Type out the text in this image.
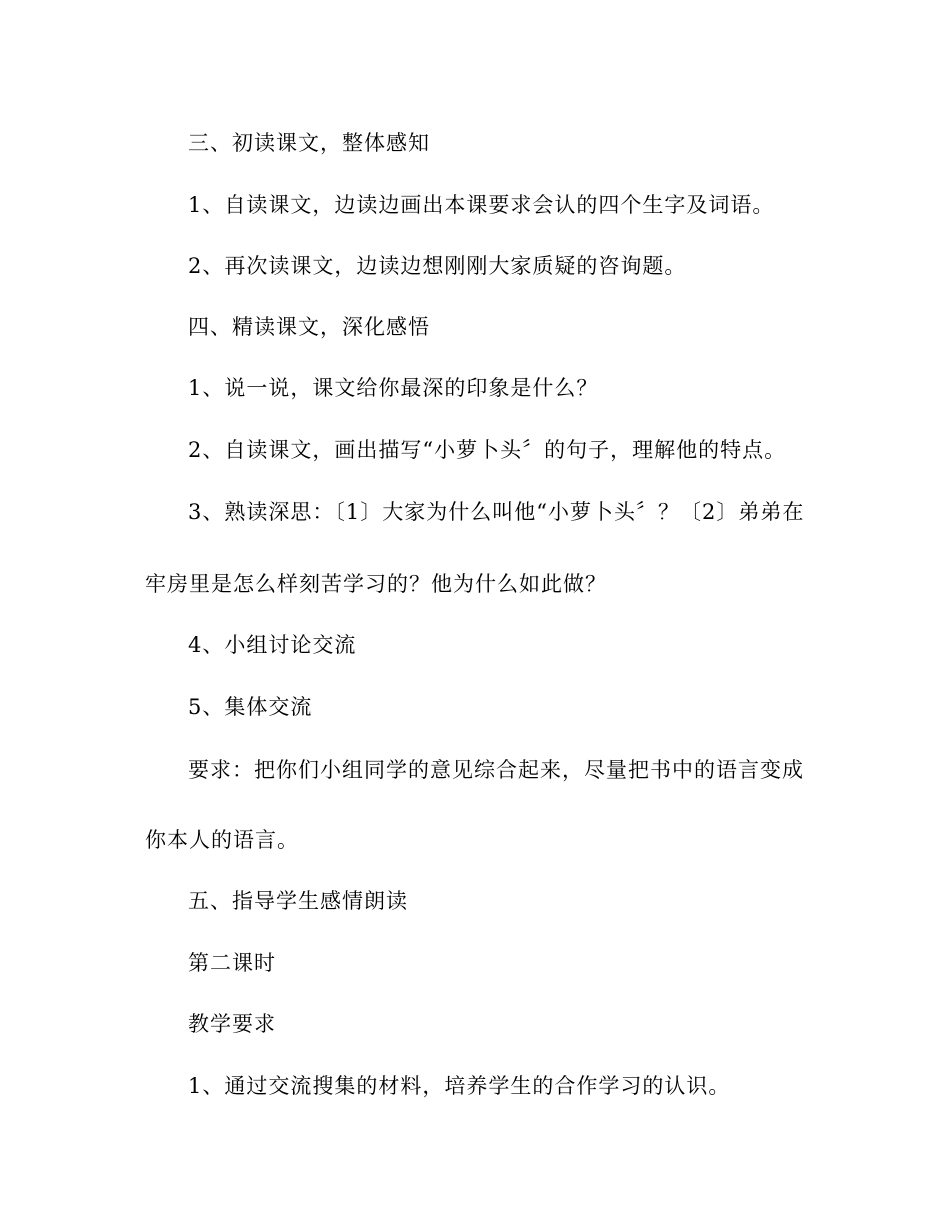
三、初读课文，整体感知
1、自读课文，边读边画出本课要求会认的四个生字及词语。
2、再次读课文，边读边想刚刚大家质疑的咨询题。
四、精读课文，深化感悟
1、说一说，课文给你最深的印象是什么？
2、自读课文，画出描写“小萝卜头〞的句子，理解他的特点。
3、熟读深思：〔1〕大家为什么叫他“小萝卜头〞？〔2〕弟弟在
牢房里是怎么样刻苦学习的？他为什么如此做？
4、小组讨论交流
5、集体交流
要求：把你们小组同学的意见综合起来，尽量把书中的语言变成
你本人的语言。
五、指导学生感情朗读
第二课时
教学要求
1、通过交流搜集的材料，培养学生的合作学习的认识。
